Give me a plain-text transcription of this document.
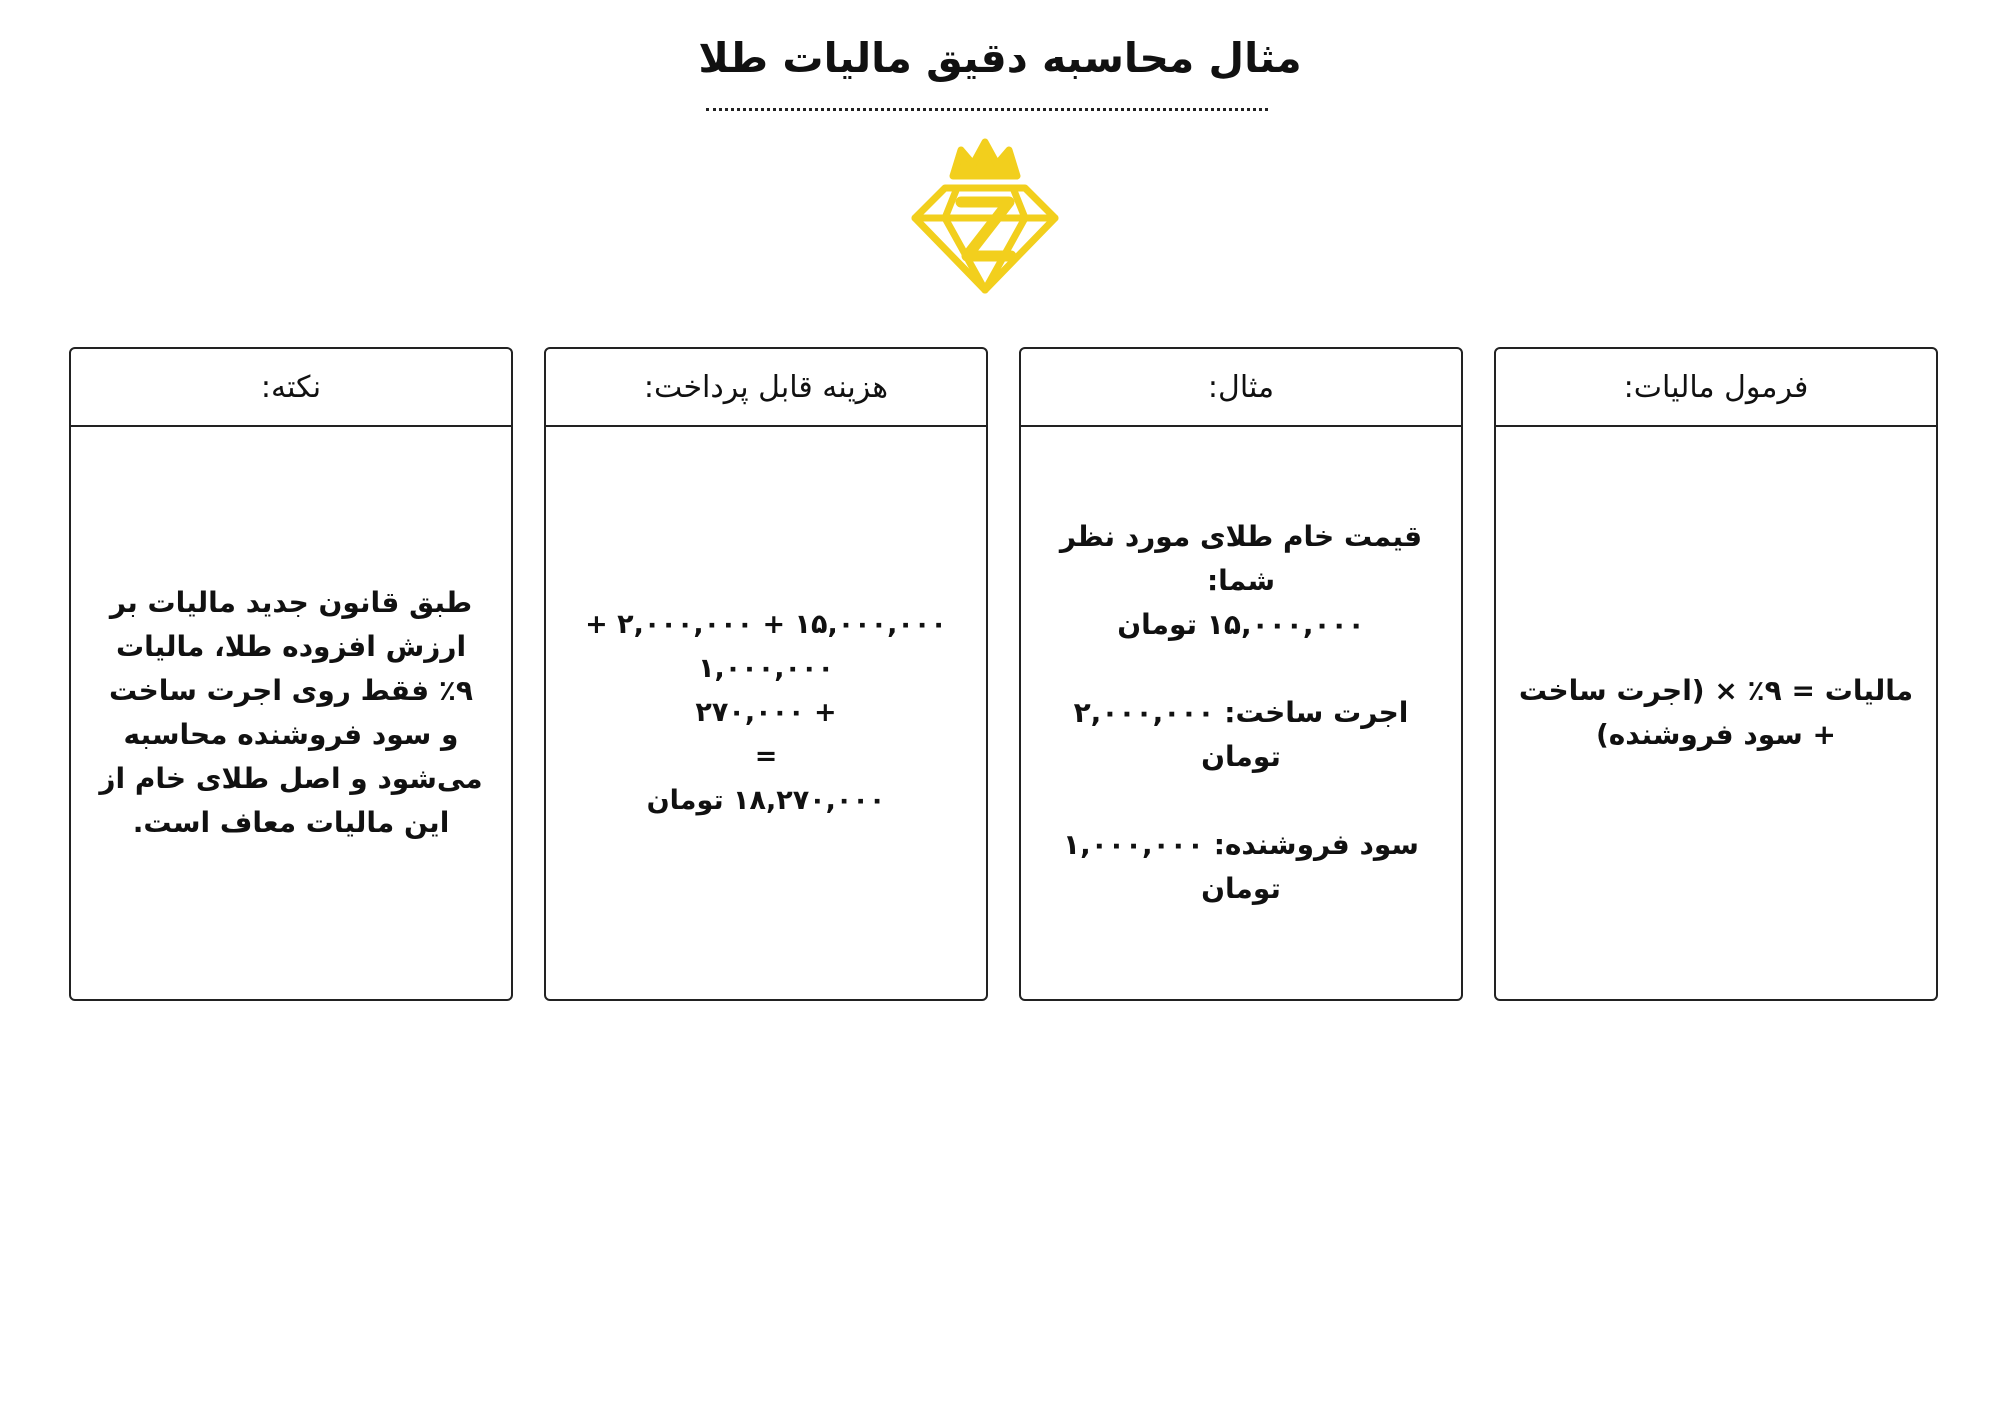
مثال محاسبه دقیق مالیات طلا
فرمول مالیات:
مالیات = ۹٪ × (اجرت ساخت + سود فروشنده)
مثال:
قیمت خام طلای مورد نظر شما:
۱۵,۰۰۰,۰۰۰ تومان
اجرت ساخت: ۲,۰۰۰,۰۰۰ تومان
سود فروشنده: ۱,۰۰۰,۰۰۰ تومان
هزینه قابل پرداخت:
۱۵,۰۰۰,۰۰۰ + ۲,۰۰۰,۰۰۰ + ۱,۰۰۰,۰۰۰
+ ۲۷۰,۰۰۰
=
۱۸,۲۷۰,۰۰۰ تومان
نکته:
طبق قانون جدید مالیات بر ارزش افزوده طلا، مالیات ۹٪ فقط روی اجرت ساخت و سود فروشنده محاسبه می‌شود و اصل طلای خام از این مالیات معاف است.
